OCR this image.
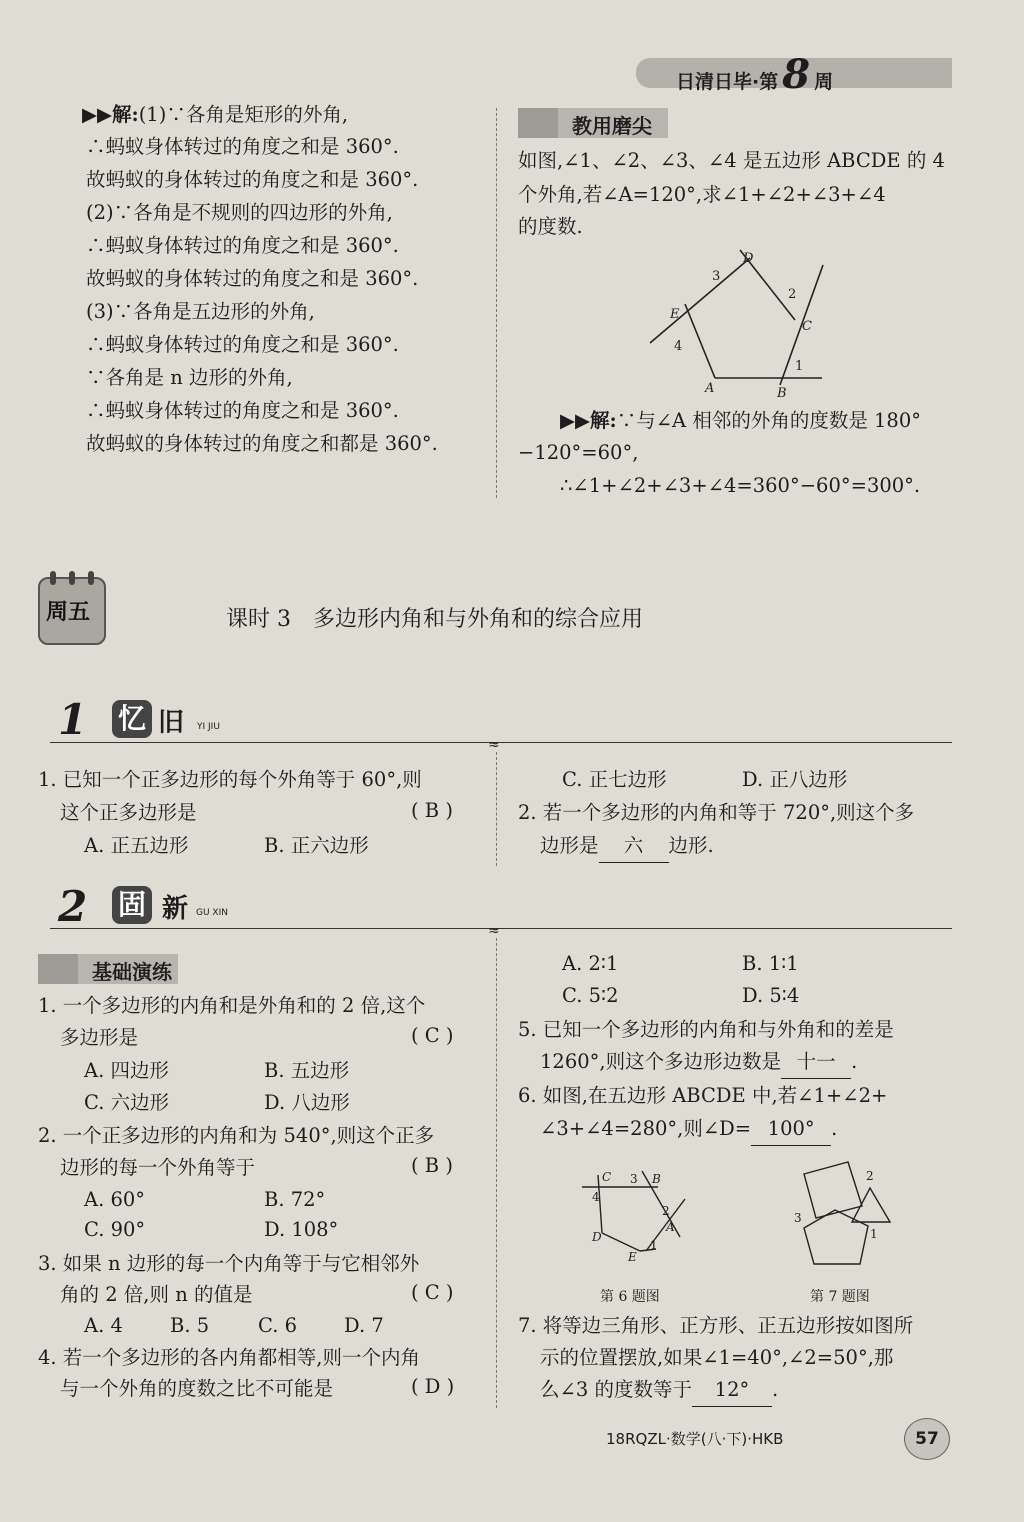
日清日毕·第 8 周
▶▶解:(1)∵各角是矩形的外角,
∴蚂蚁身体转过的角度之和是 360°.
故蚂蚁的身体转过的角度之和是 360°.
(2)∵各角是不规则的四边形的外角,
∴蚂蚁身体转过的角度之和是 360°.
故蚂蚁的身体转过的角度之和是 360°.
(3)∵各角是五边形的外角,
∴蚂蚁身体转过的角度之和是 360°.
∵各角是 n 边形的外角,
∴蚂蚁身体转过的角度之和是 360°.
故蚂蚁的身体转过的角度之和都是 360°.
教用磨尖
如图,∠1、∠2、∠3、∠4 是五边形 ABCDE 的 4
个外角,若∠A=120°,求∠1+∠2+∠3+∠4
的度数.
D
3
C
2
E
4
A	B
1
▶▶解:∵与∠A 相邻的外角的度数是 180°
−120°=60°,
∴∠1+∠2+∠3+∠4=360°−60°=300°.
周五	课时 3　多边形内角和与外角和的综合应用
1 忆 旧 YI JIU
≈
1. 已知一个正多边形的每个外角等于 60°,则
这个正多边形是	( B )
A. 正五边形	B. 正六边形
C. 正七边形	D. 正八边形
2. 若一个多边形的内角和等于 720°,则这个多
边形是 六 边形.
2 固 新 GU XIN
≈
基础演练
1. 一个多边形的内角和是外角和的 2 倍,这个
多边形是	( C )
A. 四边形	B. 五边形
C. 六边形	D. 八边形
2. 一个正多边形的内角和为 540°,则这个正多
边形的每一个外角等于	( B )
A. 60°	B. 72°
C. 90°	D. 108°
3. 如果 n 边形的每一个内角等于与它相邻外
角的 2 倍,则 n 的值是	( C )
A. 4 B. 5	C. 6 D. 7
4. 若一个多边形的各内角都相等,则一个内角
与一个外角的度数之比不可能是	( D )
A. 2∶1	B. 1∶1
C. 5∶2	D. 5∶4
5. 已知一个多边形的内角和与外角和的差是
1260°,则这个多边形边数是 十一 .
6. 如图,在五边形 ABCDE 中,若∠1+∠2+
∠3+∠4=280°,则∠D= 100° .
C 3 B
4
2
A
D
E
1
第 6 题图
2
3
1
第 7 题图
7. 将等边三角形、正方形、正五边形按如图所
示的位置摆放,如果∠1=40°,∠2=50°,那
么∠3 的度数等于 12° .
18RQZL·数学(八·下)·HKB	57
